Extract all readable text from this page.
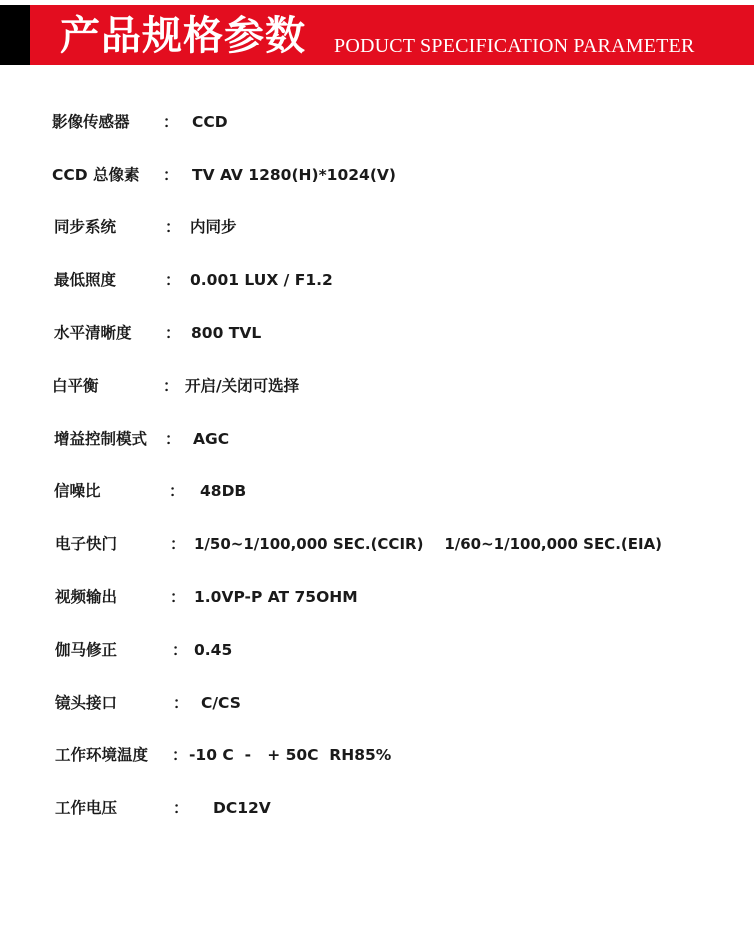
产品规格参数 PODUCT SPECIFICATION PARAMETER
影像传感器 ： CCD
CCD 总像素 ： TV AV 1280(H)*1024(V)
同步系统	： 内同步
最低照度	： 0.001 LUX / F1.2
水平清晰度 ： 800 TVL
白平衡	： 开启/关闭可选择
增益控制模式 ： AGC
信噪比	： 48DB
电子快门	： 1/50~1/100,000 SEC.(CCIR)    1/60~1/100,000 SEC.(EIA)
视频输出	： 1.0VP-P AT 75OHM
伽马修正	： 0.45
镜头接口	： C/CS
工作环境温度 ： -10 C  -   + 50C  RH85%
工作电压	： DC12V
